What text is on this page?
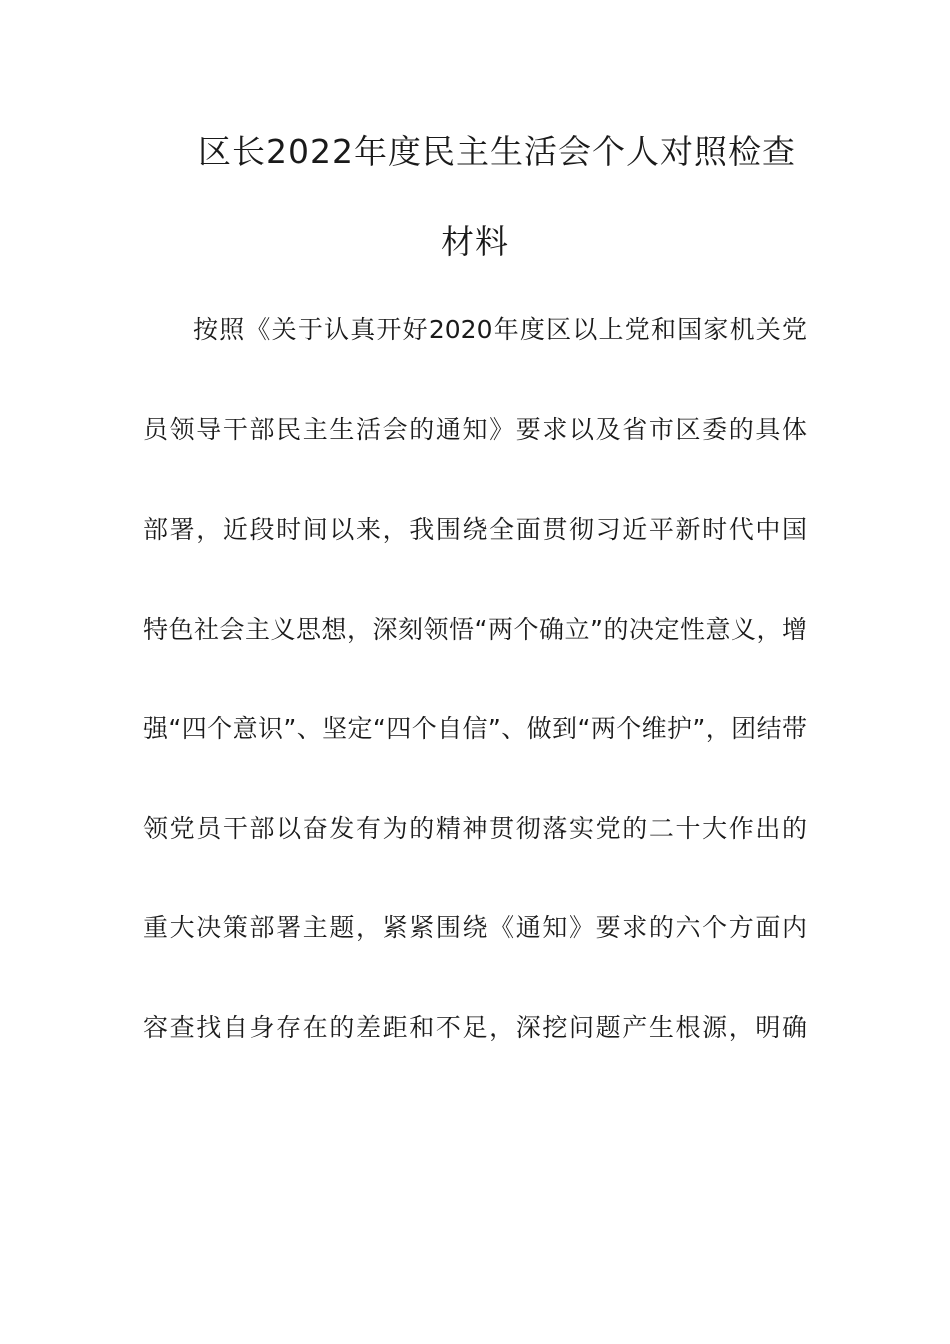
区长2022年度民主生活会个人对照检查
材料
按照《关于认真开好2020年度区以上党和国家机关党
员领导干部民主生活会的通知》要求以及省市区委的具体
部署，近段时间以来，我围绕全面贯彻习近平新时代中国
特色社会主义思想，深刻领悟“两个确立”的决定性意义，增
强“四个意识”、坚定“四个自信”、做到“两个维护”，团结带
领党员干部以奋发有为的精神贯彻落实党的二十大作出的
重大决策部署主题，紧紧围绕《通知》要求的六个方面内
容查找自身存在的差距和不足，深挖问题产生根源，明确
